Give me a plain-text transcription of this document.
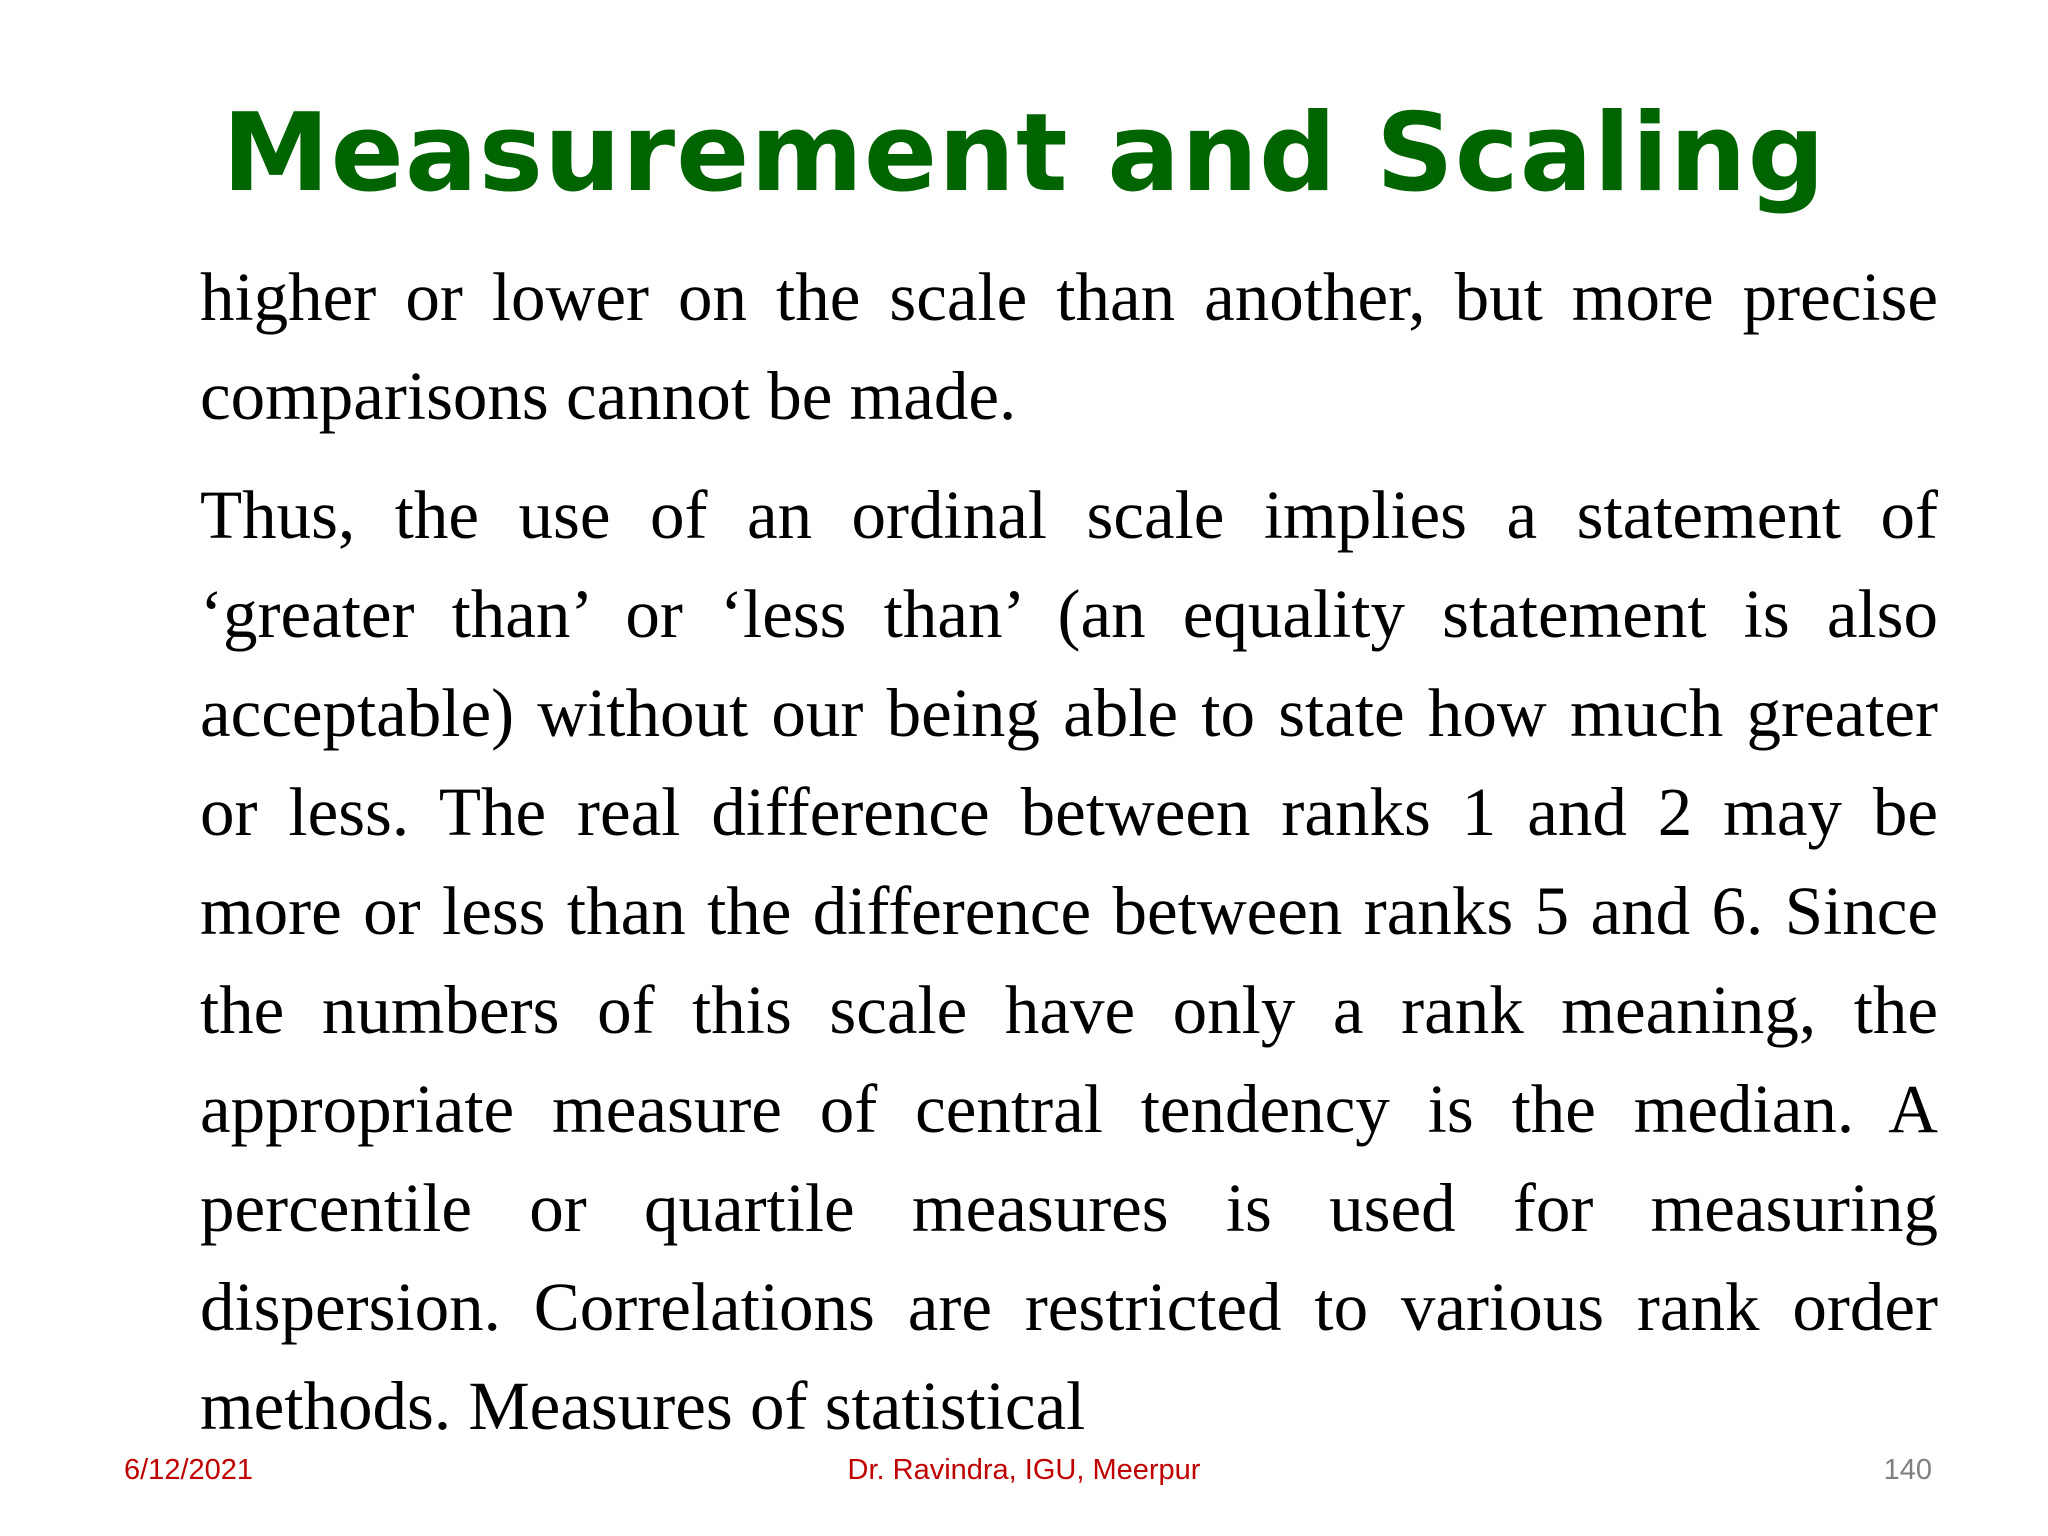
Measurement and Scaling

higher or lower on the scale than another, but more precise comparisons cannot be made.

Thus, the use of an ordinal scale implies a statement of ‘greater than’ or ‘less than’ (an equality statement is also acceptable) without our being able to state how much greater or less. The real difference between ranks 1 and 2 may be more or less than the difference between ranks 5 and 6. Since the numbers of this scale have only a rank meaning, the appropriate measure of central tendency is the median. A percentile or quartile measures is used for measuring dispersion. Correlations are restricted to various rank order methods. Measures of statistical

6/12/2021	Dr. Ravindra, IGU, Meerpur	140
